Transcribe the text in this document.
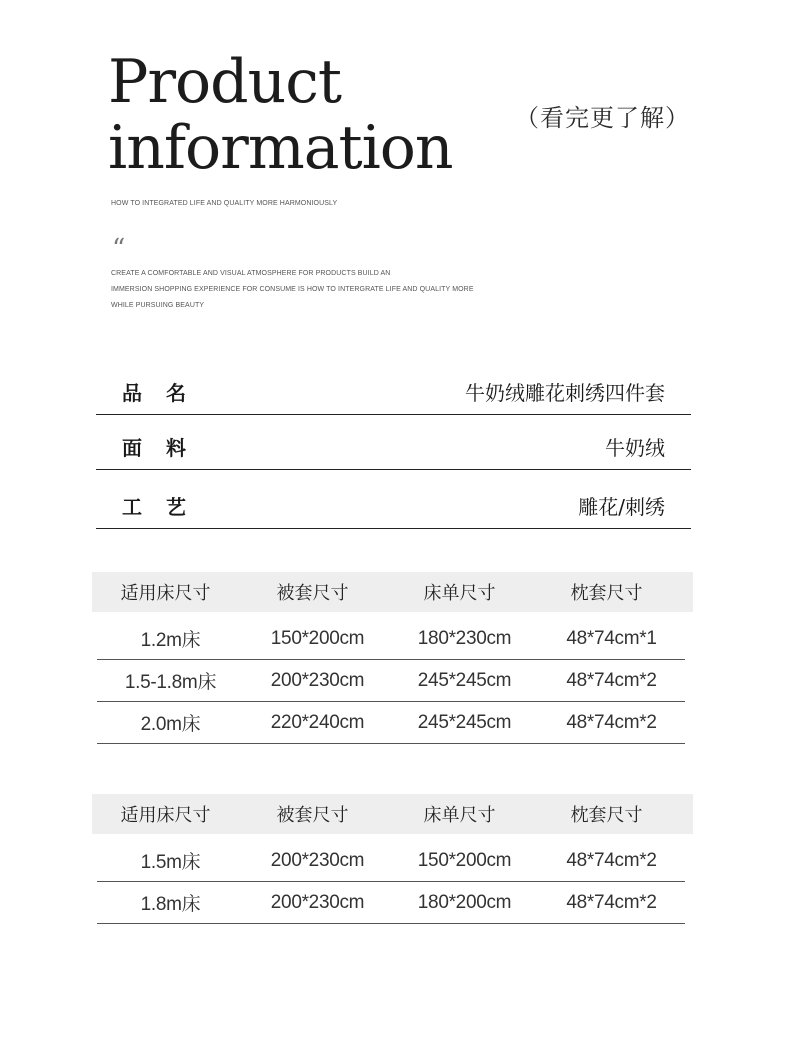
Product
information	（看完更了解）
HOW TO INTEGRATED LIFE AND QUALITY MORE HARMONIOUSLY
“
CREATE A COMFORTABLE AND VISUAL ATMOSPHERE FOR PRODUCTS BUILD AN
IMMERSION SHOPPING EXPERIENCE FOR CONSUME IS HOW TO INTERGRATE LIFE AND QUALITY MORE
WHILE PURSUING BEAUTY
品名	牛奶绒雕花刺绣四件套
面料	牛奶绒
工艺	雕花/刺绣
适用床尺寸	被套尺寸	床单尺寸	枕套尺寸
1.2m床	150*200cm	180*230cm	48*74cm*1
1.5-1.8m床	200*230cm	245*245cm	48*74cm*2
2.0m床	220*240cm	245*245cm	48*74cm*2
适用床尺寸	被套尺寸	床单尺寸	枕套尺寸
1.5m床	200*230cm	150*200cm	48*74cm*2
1.8m床	200*230cm	180*200cm	48*74cm*2
